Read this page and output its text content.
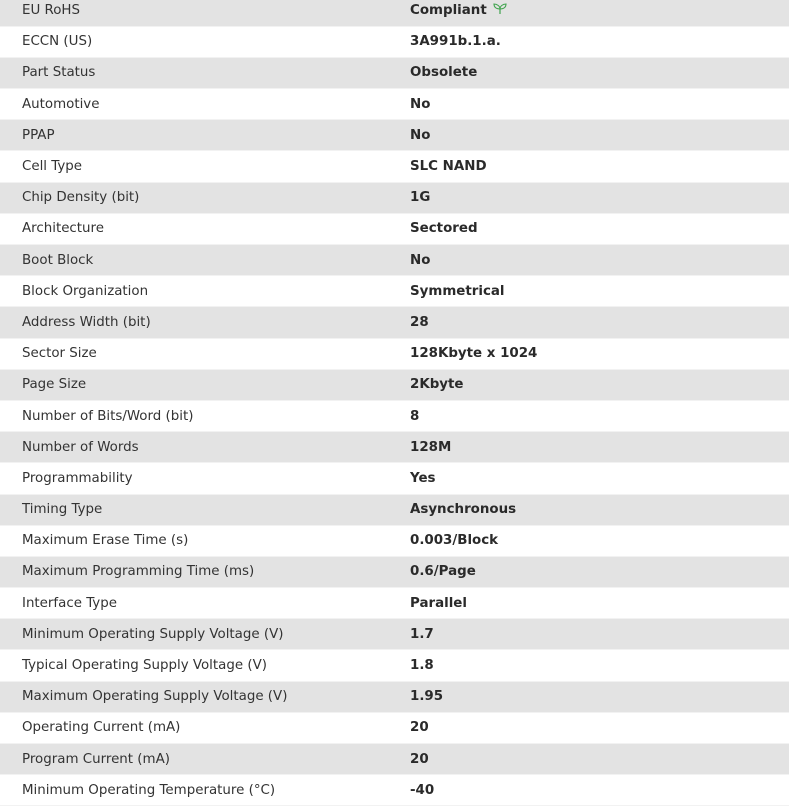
EU RoHS	Compliant
ECCN (US)	3A991b.1.a.
Part Status	Obsolete
Automotive	No
PPAP	No
Cell Type	SLC NAND
Chip Density (bit)	1G
Architecture	Sectored
Boot Block	No
Block Organization	Symmetrical
Address Width (bit)	28
Sector Size	128Kbyte x 1024
Page Size	2Kbyte
Number of Bits/Word (bit)	8
Number of Words	128M
Programmability	Yes
Timing Type	Asynchronous
Maximum Erase Time (s)	0.003/Block
Maximum Programming Time (ms)	0.6/Page
Interface Type	Parallel
Minimum Operating Supply Voltage (V)	1.7
Typical Operating Supply Voltage (V)	1.8
Maximum Operating Supply Voltage (V)	1.95
Operating Current (mA)	20
Program Current (mA)	20
Minimum Operating Temperature (°C)	-40
